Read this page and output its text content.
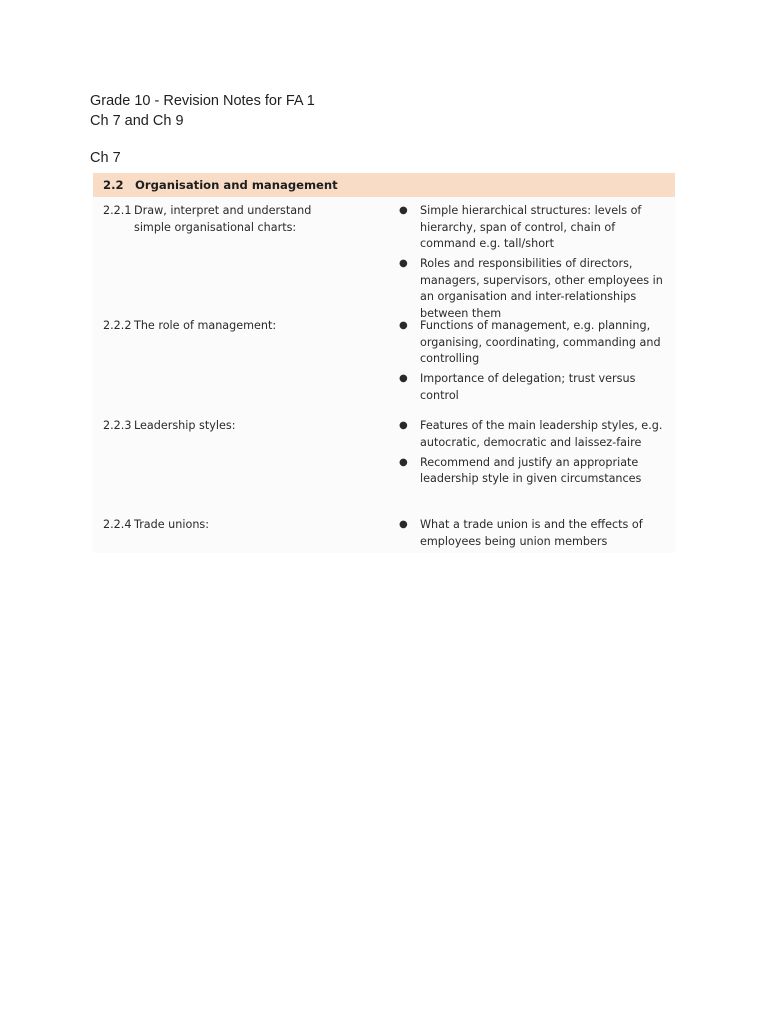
Grade 10 - Revision Notes for FA 1
Ch 7 and Ch 9
Ch 7
2.2 Organisation and management
2.2.1 Draw, interpret and understand simple organisational charts:
● Simple hierarchical structures: levels of hierarchy, span of control, chain of command e.g. tall/short
● Roles and responsibilities of directors, managers, supervisors, other employees in an organisation and inter-relationships between them
2.2.2 The role of management:	● Functions of management, e.g. planning, organising, coordinating, commanding and controlling
● Importance of delegation; trust versus control
2.2.3 Leadership styles:	● Features of the main leadership styles, e.g. autocratic, democratic and laissez-faire
● Recommend and justify an appropriate leadership style in given circumstances
2.2.4 Trade unions:	● What a trade union is and the effects of employees being union members
